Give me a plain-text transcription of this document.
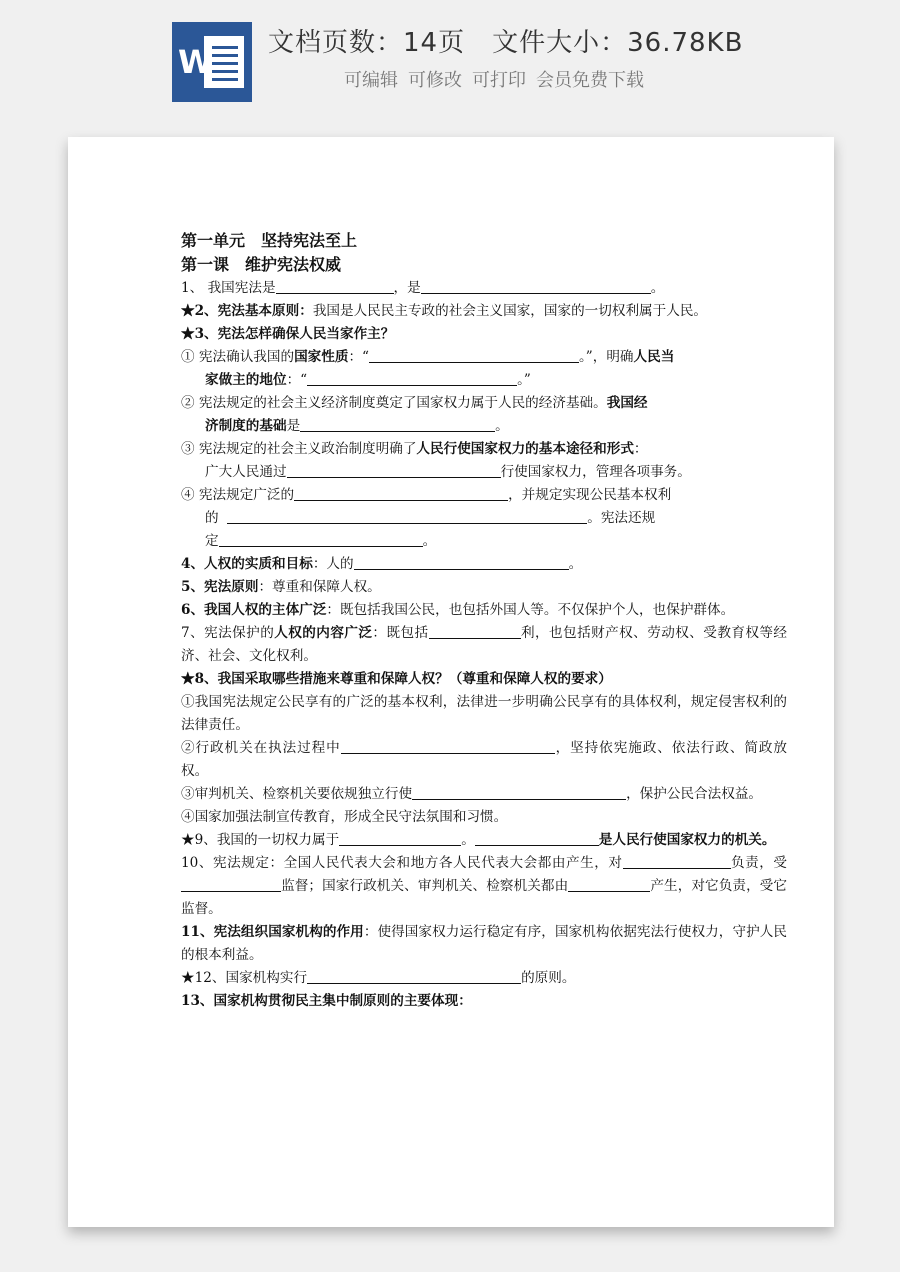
W 文档页数：14页　 文件大小：36.78KB
可编辑 可修改 可打印 会员免费下载

第一单元　坚持宪法至上

第一课　维护宪法权威

1、 我国宪法是	，是	。

★2、宪法基本原则：我国是人民民主专政的社会主义国家，国家的一切权利属于人民。

★3、宪法怎样确保人民当家作主？

① 宪法确认我国的国家性质：“	。”，明确人民当
家做主的地位：“	。”

② 宪法规定的社会主义经济制度奠定了国家权力属于人民的经济基础。我国经
济制度的基础是	。

③ 宪法规定的社会主义政治制度明确了人民行使国家权力的基本途径和形式：
广大人民通过	行使国家权力，管理各项事务。

④ 宪法规定广泛的	，并规定实现公民基本权利
的	。宪法还规
定	。

4、人权的实质和目标：人的	。

5、宪法原则：尊重和保障人权。

6、我国人权的主体广泛：既包括我国公民，也包括外国人等。不仅保护个人，也保护群体。

7、宪法保护的人权的内容广泛：既包括	利，也包括财产权、劳动权、受教育权等经济、社会、文化权利。

★8、我国采取哪些措施来尊重和保障人权？（尊重和保障人权的要求）

①我国宪法规定公民享有的广泛的基本权利，法律进一步明确公民享有的具体权利，规定侵害权利的法律责任。

②行政机关在执法过程中	，坚持依宪施政、依法行政、简政放权。

③审判机关、检察机关要依规独立行使	，保护公民合法权益。

④国家加强法制宣传教育，形成全民守法氛围和习惯。

★9、我国的一切权力属于	。	是人民行使国家权力的机关。

10、宪法规定：全国人民代表大会和地方各人民代表大会都由产生，对	负责，受监督；国家行政机关、审判机关、检察机关都由	产生，对它负责，受它监督。

11、宪法组织国家机构的作用：使得国家权力运行稳定有序，国家机构依据宪法行使权力，守护人民的根本利益。

★12、国家机构实行	的原则。

13、国家机构贯彻民主集中制原则的主要体现：
